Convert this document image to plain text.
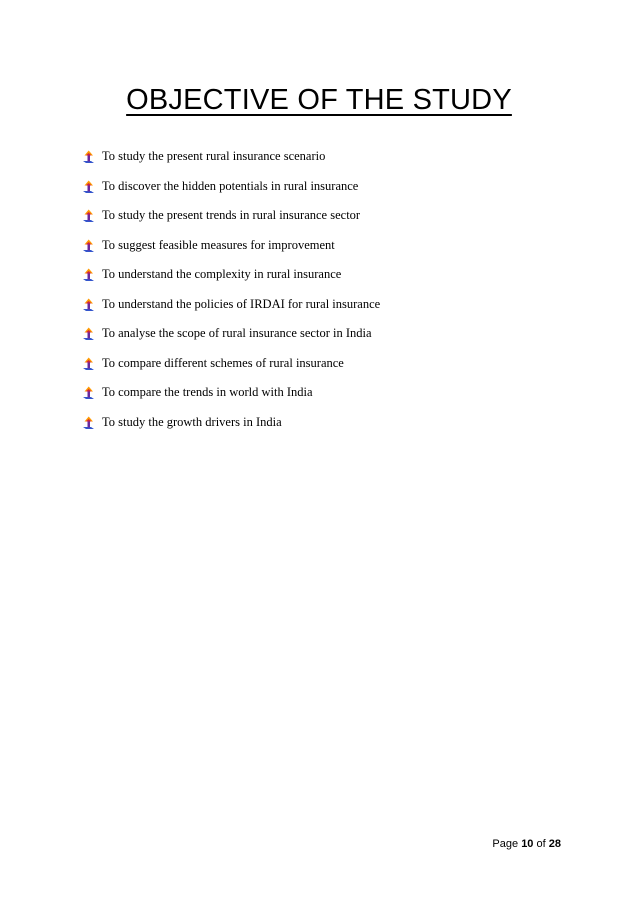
OBJECTIVE OF THE STUDY
To study the present rural insurance scenario
To discover the hidden potentials in rural insurance
To study the present trends in rural insurance sector
To suggest feasible measures for improvement
To understand the complexity in rural insurance
To understand the policies of IRDAI for rural insurance
To analyse the scope of rural insurance sector in India
To compare different schemes of rural insurance
To compare the trends in world with India
To study the growth drivers in India
Page 10 of 28
